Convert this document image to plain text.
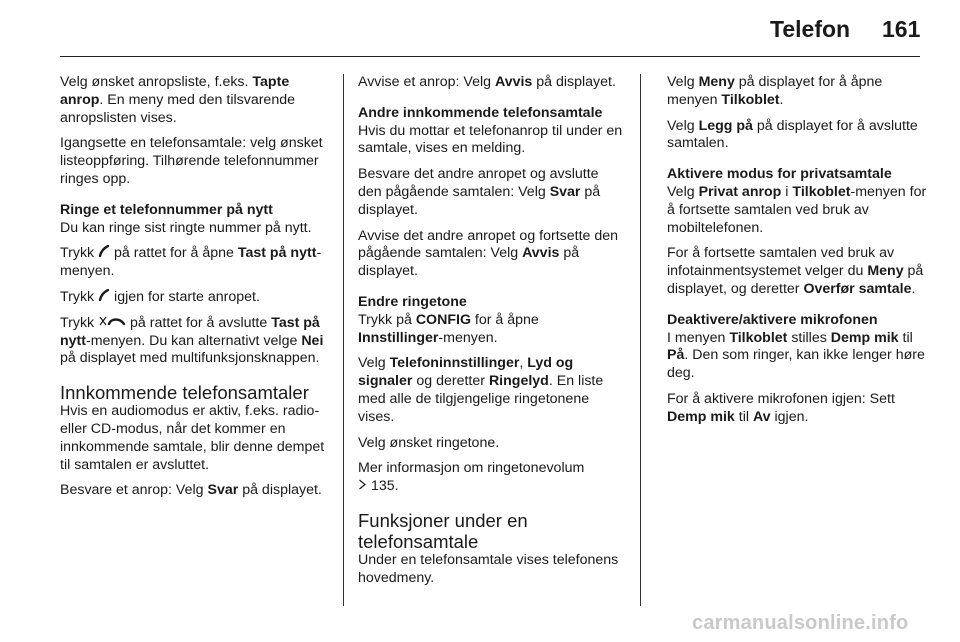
Telefon 161

Velg ønsket anropsliste, f.eks. Tapte anrop. En meny med den tilsvarende anropslisten vises.

Igangsette en telefonsamtale: velg ønsket listeoppføring. Tilhørende telefonnummer ringes opp.

Ringe et telefonnummer på nytt

Du kan ringe sist ringte nummer på nytt.

Trykk  på rattet for å åpne Tast på nytt-menyen.

Trykk  igjen for starte anropet.

Trykk  på rattet for å avslutte Tast på nytt-menyen. Du kan alternativt velge Nei på displayet med multifunksjonsknappen.

Innkommende telefonsamtaler

Hvis en audiomodus er aktiv, f.eks. radio- eller CD-modus, når det kommer en innkommende samtale, blir denne dempet til samtalen er avsluttet.

Besvare et anrop: Velg Svar på displayet.

Avvise et anrop: Velg Avvis på displayet.

Andre innkommende telefonsamtale

Hvis du mottar et telefonanrop til under en samtale, vises en melding.

Besvare det andre anropet og avslutte den pågående samtalen: Velg Svar på displayet.

Avvise det andre anropet og fortsette den pågående samtalen: Velg Avvis på displayet.

Endre ringetone

Trykk på CONFIG for å åpne Innstillinger-menyen.

Velg Telefoninnstillinger, Lyd og signaler og deretter Ringelyd. En liste med alle de tilgjengelige ringetonene vises.

Velg ønsket ringetone.

Mer informasjon om ringetonevolum
135.

Funksjoner under en telefonsamtale

Under en telefonsamtale vises telefonens hovedmeny.

Velg Meny på displayet for å åpne menyen Tilkoblet.

Velg Legg på på displayet for å avslutte samtalen.

Aktivere modus for privatsamtale

Velg Privat anrop i Tilkoblet-menyen for å fortsette samtalen ved bruk av mobiltelefonen.

For å fortsette samtalen ved bruk av infotainmentsystemet velger du Meny på displayet, og deretter Overfør samtale.

Deaktivere/aktivere mikrofonen

I menyen Tilkoblet stilles Demp mik til På. Den som ringer, kan ikke lenger høre deg.

For å aktivere mikrofonen igjen: Sett Demp mik til Av igjen.

carmanualsonline.info
